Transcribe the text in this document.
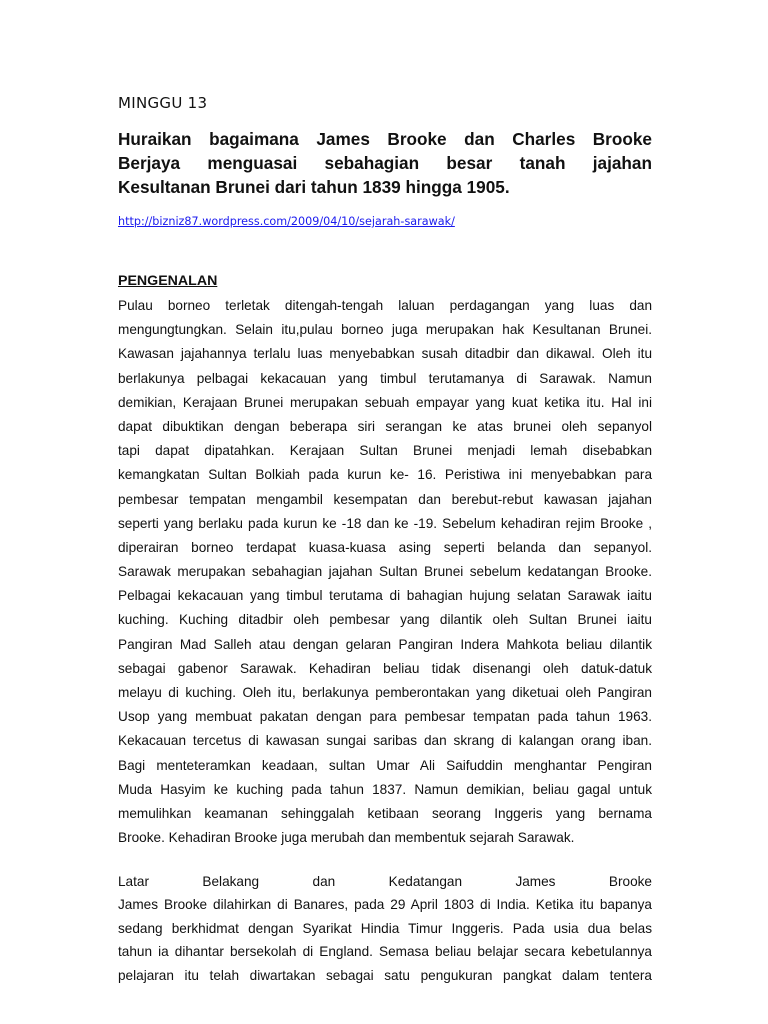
MINGGU 13
Huraikan bagaimana James Brooke dan Charles Brooke
Berjaya menguasai sebahagian besar tanah jajahan
Kesultanan Brunei dari tahun 1839 hingga 1905.
http://bizniz87.wordpress.com/2009/04/10/sejarah-sarawak/
PENGENALAN
Pulau borneo terletak ditengah-tengah laluan perdagangan yang luas dan
mengungtungkan. Selain itu,pulau borneo juga merupakan hak Kesultanan Brunei.
Kawasan jajahannya terlalu luas menyebabkan susah ditadbir dan dikawal. Oleh itu
berlakunya pelbagai kekacauan yang timbul terutamanya di Sarawak. Namun
demikian, Kerajaan Brunei merupakan sebuah empayar yang kuat ketika itu. Hal ini
dapat dibuktikan dengan beberapa siri serangan ke atas brunei oleh sepanyol
tapi dapat dipatahkan. Kerajaan Sultan Brunei menjadi lemah disebabkan
kemangkatan Sultan Bolkiah pada kurun ke- 16. Peristiwa ini menyebabkan para
pembesar tempatan mengambil kesempatan dan berebut-rebut kawasan jajahan
seperti yang berlaku pada kurun ke -18 dan ke -19. Sebelum kehadiran rejim Brooke ,
diperairan borneo terdapat kuasa-kuasa asing seperti belanda dan sepanyol.
Sarawak merupakan sebahagian jajahan Sultan Brunei sebelum kedatangan Brooke.
Pelbagai kekacauan yang timbul terutama di bahagian hujung selatan Sarawak iaitu
kuching. Kuching ditadbir oleh pembesar yang dilantik oleh Sultan Brunei iaitu
Pangiran Mad Salleh atau dengan gelaran Pangiran Indera Mahkota beliau dilantik
sebagai gabenor Sarawak. Kehadiran beliau tidak disenangi oleh datuk-datuk
melayu di kuching. Oleh itu, berlakunya pemberontakan yang diketuai oleh Pangiran
Usop yang membuat pakatan dengan para pembesar tempatan pada tahun 1963.
Kekacauan tercetus di kawasan sungai saribas dan skrang di kalangan orang iban.
Bagi menteteramkan keadaan, sultan Umar Ali Saifuddin menghantar Pengiran
Muda Hasyim ke kuching pada tahun 1837. Namun demikian, beliau gagal untuk
memulihkan keamanan sehinggalah ketibaan seorang Inggeris yang bernama
Brooke. Kehadiran Brooke juga merubah dan membentuk sejarah Sarawak.
Latar Belakang dan Kedatangan James Brooke
James Brooke dilahirkan di Banares, pada 29 April 1803 di India. Ketika itu bapanya
sedang berkhidmat dengan Syarikat Hindia Timur Inggeris. Pada usia dua belas
tahun ia dihantar bersekolah di England. Semasa beliau belajar secara kebetulannya
pelajaran itu telah diwartakan sebagai satu pengukuran pangkat dalam tentera
